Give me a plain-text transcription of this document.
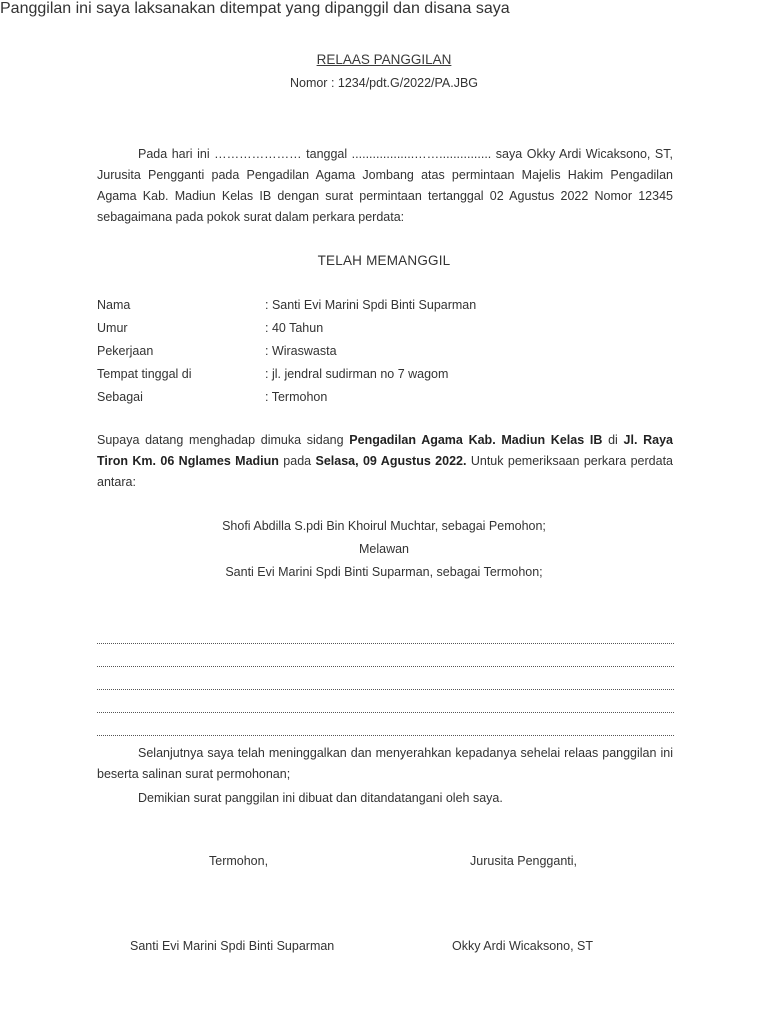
RELAAS PANGGILAN
Nomor : 1234/pdt.G/2022/PA.JBG
Pada hari ini ………………… tanggal ..................……............... saya Okky Ardi Wicaksono, ST, Jurusita Pengganti pada Pengadilan Agama Jombang atas permintaan Majelis Hakim Pengadilan Agama Kab. Madiun Kelas IB dengan surat permintaan tertanggal 02 Agustus 2022 Nomor 12345 sebagaimana pada pokok surat dalam perkara perdata:
TELAH MEMANGGIL
Nama	: Santi Evi Marini Spdi Binti Suparman
Umur	: 40 Tahun
Pekerjaan	: Wiraswasta
Tempat tinggal di	: jl. jendral sudirman no 7 wagom
Sebagai	: Termohon
Supaya datang menghadap dimuka sidang Pengadilan Agama Kab. Madiun Kelas IB di Jl. Raya Tiron Km. 06 Nglames Madiun pada Selasa, 09 Agustus 2022. Untuk pemeriksaan perkara perdata antara:
Shofi Abdilla S.pdi Bin Khoirul Muchtar, sebagai Pemohon;
Melawan
Santi Evi Marini Spdi Binti Suparman, sebagai Termohon;
Panggilan ini saya laksanakan ditempat yang dipanggil dan disana saya
Selanjutnya saya telah meninggalkan dan menyerahkan kepadanya sehelai relaas panggilan ini beserta salinan surat permohonan;
Demikian surat panggilan ini dibuat dan ditandatangani oleh saya.
Termohon,	Jurusita Pengganti,
Santi Evi Marini Spdi Binti Suparman	Okky Ardi Wicaksono, ST
